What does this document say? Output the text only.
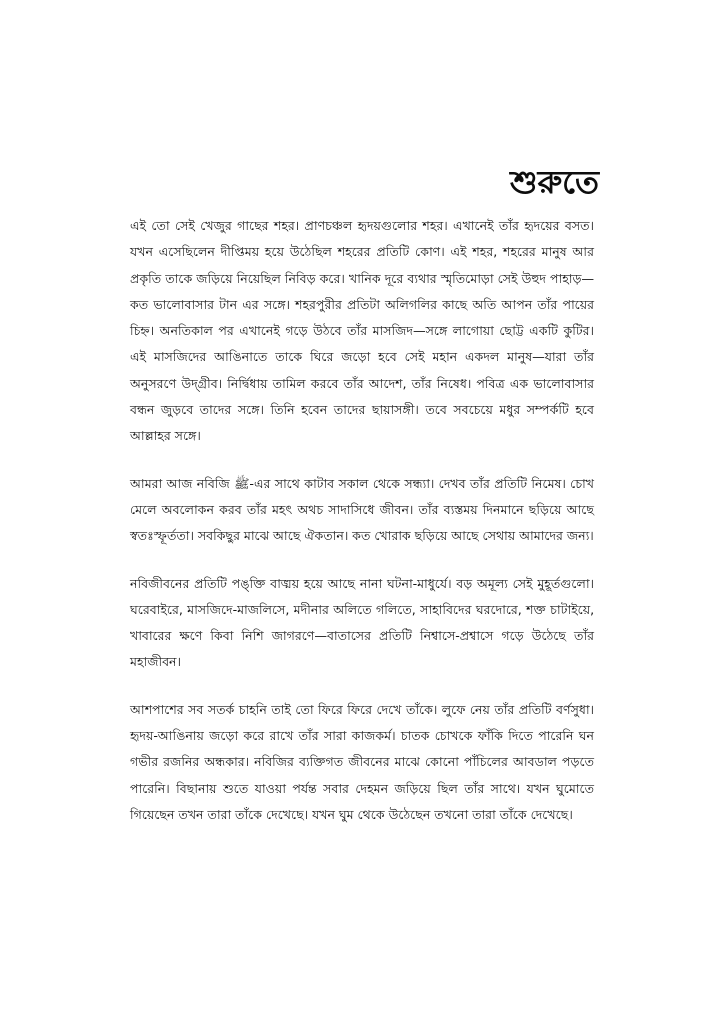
শুরুতে

এই তো সেই খেজুর গাছের শহর। প্রাণচঞ্চল হৃদয়গুলোর শহর। এখানেই তাঁর হৃদয়ের বসত। যখন এসেছিলেন দীপ্তিময় হয়ে উঠেছিল শহরের প্রতিটি কোণ। এই শহর, শহরের মানুষ আর প্রকৃতি তাকে জড়িয়ে নিয়েছিল নিবিড় করে। খানিক দূরে ব্যথার স্মৃতিমোড়া সেই উহুদ পাহাড়—কত ভালোবাসার টান এর সঙ্গে। শহরপুরীর প্রতিটা অলিগলির কাছে অতি আপন তাঁর পায়ের চিহ্ন। অনতিকাল পর এখানেই গড়ে উঠবে তাঁর মাসজিদ—সঙ্গে লাগোয়া ছোট্ট একটি কুটির। এই মাসজিদের আঙিনাতে তাকে ঘিরে জড়ো হবে সেই মহান একদল মানুষ—যারা তাঁর অনুসরণে উদ্গ্রীব। নির্দ্বিধায় তামিল করবে তাঁর আদেশ, তাঁর নিষেধ। পবিত্র এক ভালোবাসার বন্ধন জুড়বে তাদের সঙ্গে। তিনি হবেন তাদের ছায়াসঙ্গী। তবে সবচেয়ে মধুর সম্পর্কটি হবে আল্লাহর সঙ্গে।

আমরা আজ নবিজি ﷺ-এর সাথে কাটাব সকাল থেকে সন্ধ্যা। দেখব তাঁর প্রতিটি নিমেষ। চোখ মেলে অবলোকন করব তাঁর মহৎ অথচ সাদাসিধে জীবন। তাঁর ব্যস্তময় দিনমানে ছড়িয়ে আছে স্বতঃস্ফূর্ততা। সবকিছুর মাঝে আছে ঐকতান। কত খোরাক ছড়িয়ে আছে সেথায় আমাদের জন্য।

নবিজীবনের প্রতিটি পঙ্‌ক্তি বাঙ্ময় হয়ে আছে নানা ঘটনা-মাধুর্যে। বড় অমূল্য সেই মুহূর্তগুলো। ঘরেবাইরে, মাসজিদে-মাজলিসে, মদীনার অলিতে গলিতে, সাহাবিদের ঘরদোরে, শক্ত চাটাইয়ে, খাবারের ক্ষণে কিবা নিশি জাগরণে—বাতাসের প্রতিটি নিশ্বাসে-প্রশ্বাসে গড়ে উঠেছে তাঁর মহাজীবন।

আশপাশের সব সতর্ক চাহনি তাই তো ফিরে ফিরে দেখে তাঁকে। লুফে নেয় তাঁর প্রতিটি বর্ণসুধা। হৃদয়-আঙিনায় জড়ো করে রাখে তাঁর সারা কাজকর্ম। চাতক চোখকে ফাঁকি দিতে পারেনি ঘন গভীর রজনির অন্ধকার। নবিজির ব্যক্তিগত জীবনের মাঝে কোনো পাঁচিলের আবডাল পড়তে পারেনি। বিছানায় শুতে যাওয়া পর্যন্ত সবার দেহমন জড়িয়ে ছিল তাঁর সাথে। যখন ঘুমোতে গিয়েছেন তখন তারা তাঁকে দেখেছে। যখন ঘুম থেকে উঠেছেন তখনো তারা তাঁকে দেখেছে।
